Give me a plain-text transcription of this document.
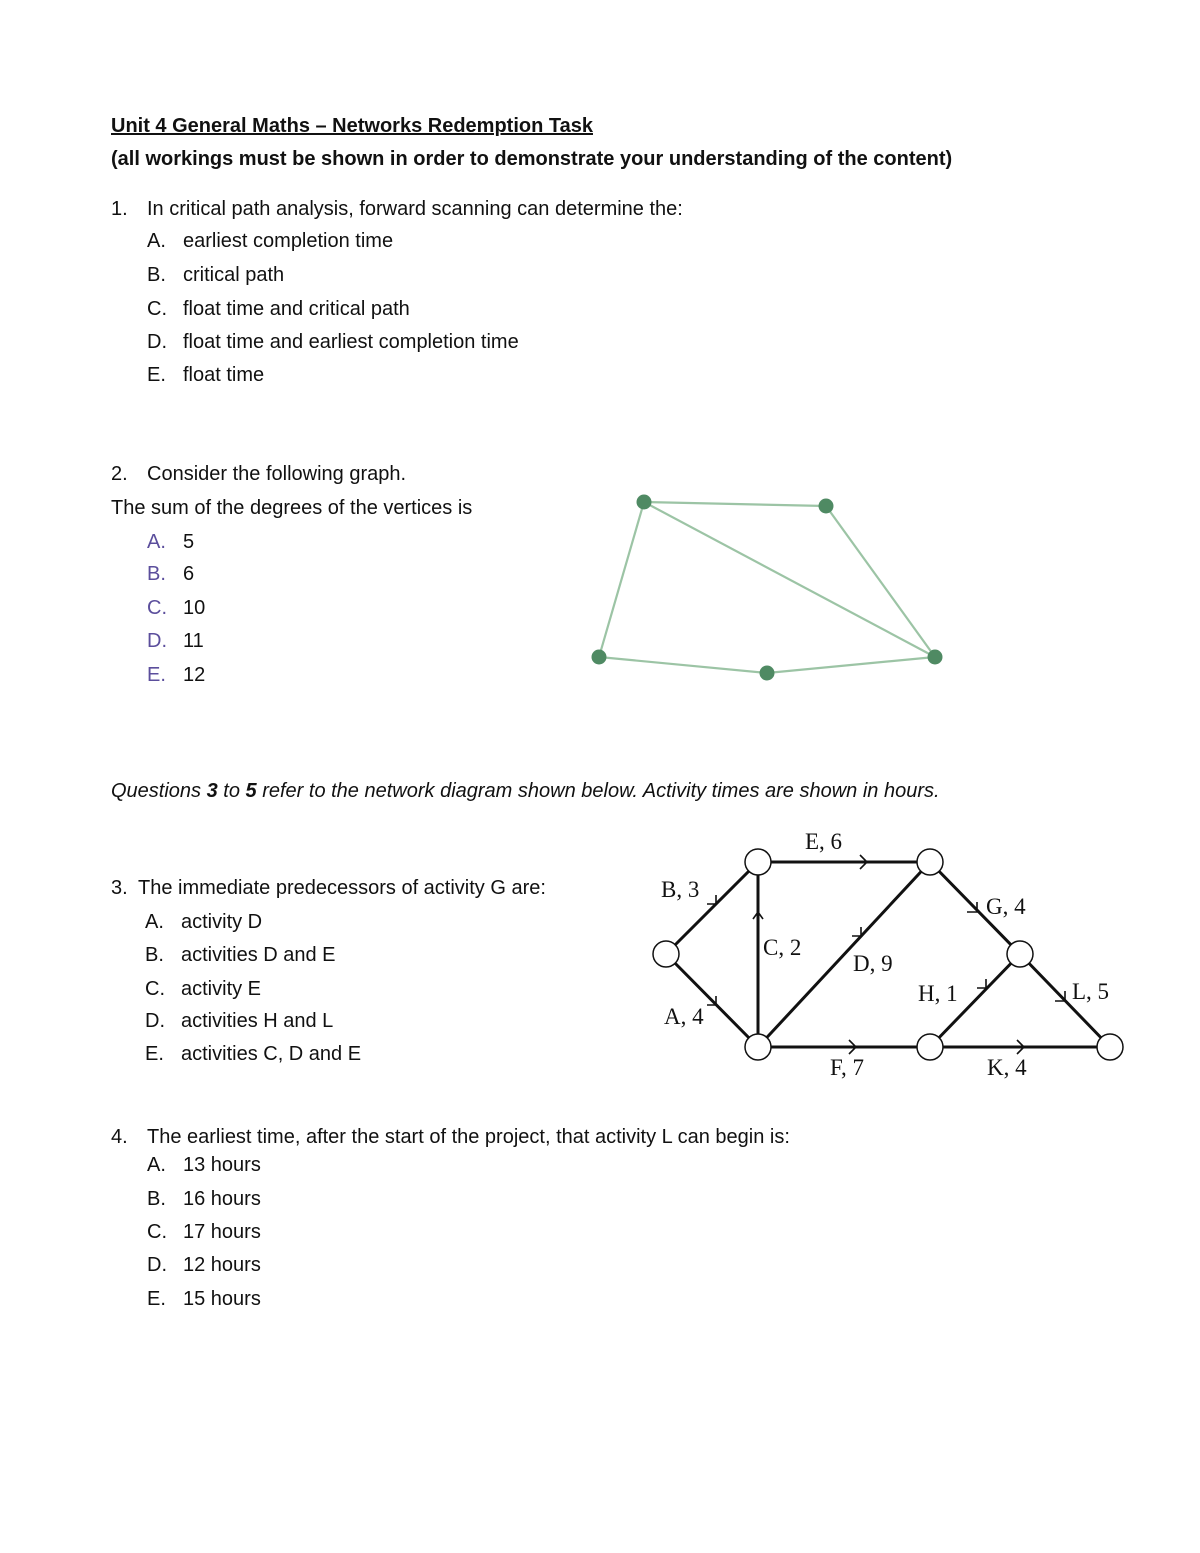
Unit 4 General Maths – Networks Redemption Task
(all workings must be shown in order to demonstrate your understanding of the content)
1. In critical path analysis, forward scanning can determine the:
A. earliest completion time
B. critical path
C. float time and critical path
D. float time and earliest completion time
E. float time
2. Consider the following graph.
The sum of the degrees of the vertices is
A. 5
B. 6
C. 10
D. 11
E. 12
Questions 3 to 5 refer to the network diagram shown below. Activity times are shown in hours.
3. The immediate predecessors of activity G are:
A. activity D
B. activities D and E
C. activity E
D. activities H and L
E. activities C, D and E
B, 3
A, 4
C, 2
E, 6
D, 9
F, 7
G, 4
H, 1	L, 5
K, 4
4. The earliest time, after the start of the project, that activity L can begin is:
A. 13 hours
B. 16 hours
C. 17 hours
D. 12 hours
E. 15 hours
